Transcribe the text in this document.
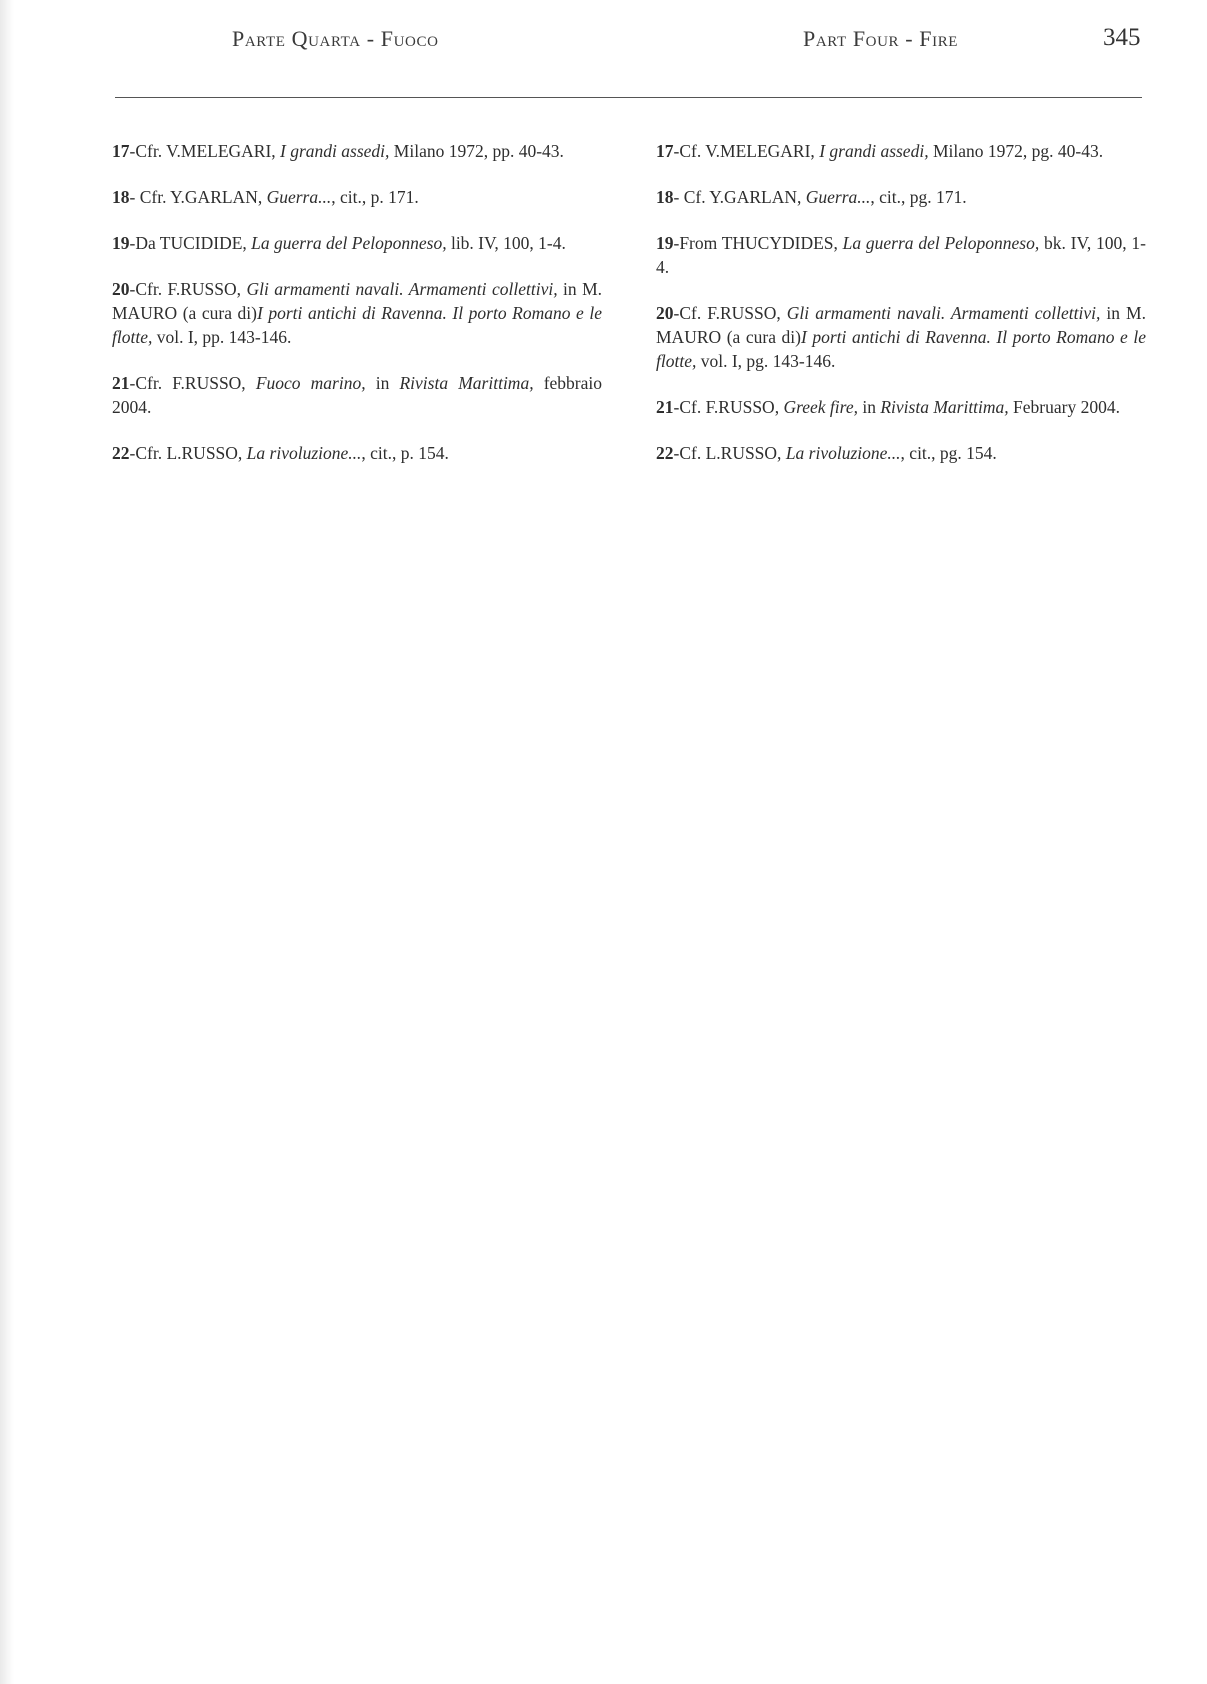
Parte Quarta - Fuoco	Part Four - Fire	345

17-Cfr. V.MELEGARI, I grandi assedi, Milano 1972, pp. 40-43.

18- Cfr. Y.GARLAN, Guerra..., cit., p. 171.

19-Da TUCIDIDE, La guerra del Peloponneso, lib. IV, 100, 1-4.

20-Cfr. F.RUSSO, Gli armamenti navali. Armamenti collettivi, in M. MAURO (a cura di)I porti antichi di Ravenna. Il porto Romano e le flotte, vol. I, pp. 143-146.

21-Cfr. F.RUSSO, Fuoco marino, in Rivista Marittima, febbraio 2004.

22-Cfr. L.RUSSO, La rivoluzione..., cit., p. 154.

17-Cf. V.MELEGARI, I grandi assedi, Milano 1972, pg. 40-43.

18- Cf. Y.GARLAN, Guerra..., cit., pg. 171.

19-From THUCYDIDES, La guerra del Peloponneso, bk. IV, 100, 1-4.

20-Cf. F.RUSSO, Gli armamenti navali. Armamenti collettivi, in M. MAURO (a cura di)I porti antichi di Ravenna. Il porto Romano e le flotte, vol. I, pg. 143-146.

21-Cf. F.RUSSO, Greek fire, in Rivista Marittima, February 2004.

22-Cf. L.RUSSO, La rivoluzione..., cit., pg. 154.
